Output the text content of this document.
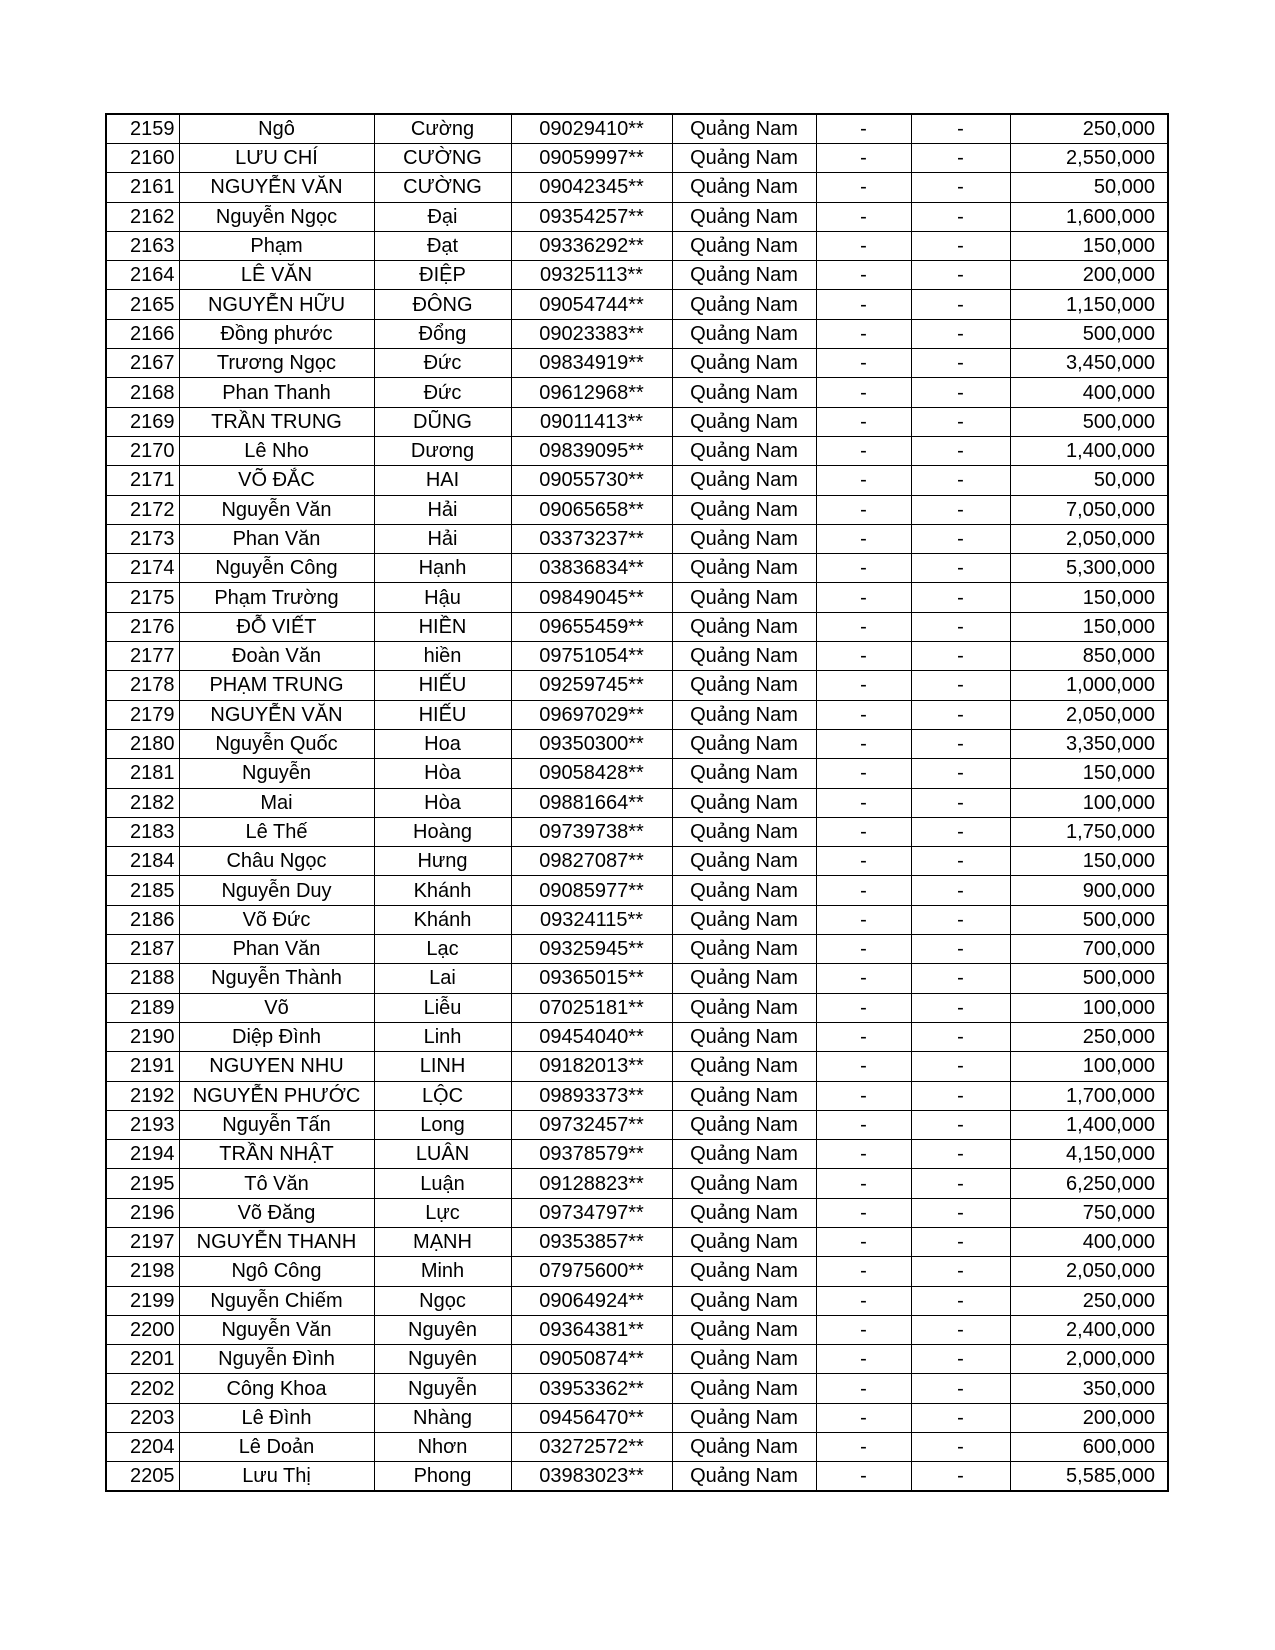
2159	Ngô	Cường	09029410**	Quảng Nam	-	-	250,000
2160	LƯU CHÍ	CƯỜNG	09059997**	Quảng Nam	-	-	2,550,000
2161	NGUYỄN VĂN	CƯỜNG	09042345**	Quảng Nam	-	-	50,000
2162	Nguyễn Ngọc	Đại	09354257**	Quảng Nam	-	-	1,600,000
2163	Phạm	Đạt	09336292**	Quảng Nam	-	-	150,000
2164	LÊ VĂN	ĐIỆP	09325113**	Quảng Nam	-	-	200,000
2165	NGUYỄN HỮU	ĐÔNG	09054744**	Quảng Nam	-	-	1,150,000
2166	Đồng phước	Đổng	09023383**	Quảng Nam	-	-	500,000
2167	Trương Ngọc	Đức	09834919**	Quảng Nam	-	-	3,450,000
2168	Phan Thanh	Đức	09612968**	Quảng Nam	-	-	400,000
2169	TRẦN TRUNG	DŨNG	09011413**	Quảng Nam	-	-	500,000
2170	Lê Nho	Dương	09839095**	Quảng Nam	-	-	1,400,000
2171	VÕ ĐẮC	HAI	09055730**	Quảng Nam	-	-	50,000
2172	Nguyễn Văn	Hải	09065658**	Quảng Nam	-	-	7,050,000
2173	Phan Văn	Hải	03373237**	Quảng Nam	-	-	2,050,000
2174	Nguyễn Công	Hạnh	03836834**	Quảng Nam	-	-	5,300,000
2175	Phạm Trường	Hậu	09849045**	Quảng Nam	-	-	150,000
2176	ĐỖ VIẾT	HIỀN	09655459**	Quảng Nam	-	-	150,000
2177	Đoàn Văn	hiền	09751054**	Quảng Nam	-	-	850,000
2178	PHẠM TRUNG	HIẾU	09259745**	Quảng Nam	-	-	1,000,000
2179	NGUYỄN VĂN	HIẾU	09697029**	Quảng Nam	-	-	2,050,000
2180	Nguyễn Quốc	Hoa	09350300**	Quảng Nam	-	-	3,350,000
2181	Nguyễn	Hòa	09058428**	Quảng Nam	-	-	150,000
2182	Mai	Hòa	09881664**	Quảng Nam	-	-	100,000
2183	Lê Thế	Hoàng	09739738**	Quảng Nam	-	-	1,750,000
2184	Châu Ngọc	Hưng	09827087**	Quảng Nam	-	-	150,000
2185	Nguyễn Duy	Khánh	09085977**	Quảng Nam	-	-	900,000
2186	Võ Đức	Khánh	09324115**	Quảng Nam	-	-	500,000
2187	Phan Văn	Lạc	09325945**	Quảng Nam	-	-	700,000
2188	Nguyễn Thành	Lai	09365015**	Quảng Nam	-	-	500,000
2189	Võ	Liễu	07025181**	Quảng Nam	-	-	100,000
2190	Diệp Đình	Linh	09454040**	Quảng Nam	-	-	250,000
2191	NGUYEN NHU	LINH	09182013**	Quảng Nam	-	-	100,000
2192	NGUYỄN PHƯỚC	LỘC	09893373**	Quảng Nam	-	-	1,700,000
2193	Nguyễn Tấn	Long	09732457**	Quảng Nam	-	-	1,400,000
2194	TRẦN NHẬT	LUÂN	09378579**	Quảng Nam	-	-	4,150,000
2195	Tô Văn	Luận	09128823**	Quảng Nam	-	-	6,250,000
2196	Võ Đăng	Lực	09734797**	Quảng Nam	-	-	750,000
2197	NGUYỄN THANH	MẠNH	09353857**	Quảng Nam	-	-	400,000
2198	Ngô Công	Minh	07975600**	Quảng Nam	-	-	2,050,000
2199	Nguyễn Chiếm	Ngọc	09064924**	Quảng Nam	-	-	250,000
2200	Nguyễn Văn	Nguyên	09364381**	Quảng Nam	-	-	2,400,000
2201	Nguyễn Đình	Nguyên	09050874**	Quảng Nam	-	-	2,000,000
2202	Công Khoa	Nguyễn	03953362**	Quảng Nam	-	-	350,000
2203	Lê Đình	Nhàng	09456470**	Quảng Nam	-	-	200,000
2204	Lê Doản	Nhơn	03272572**	Quảng Nam	-	-	600,000
2205	Lưu Thị	Phong	03983023**	Quảng Nam	-	-	5,585,000
